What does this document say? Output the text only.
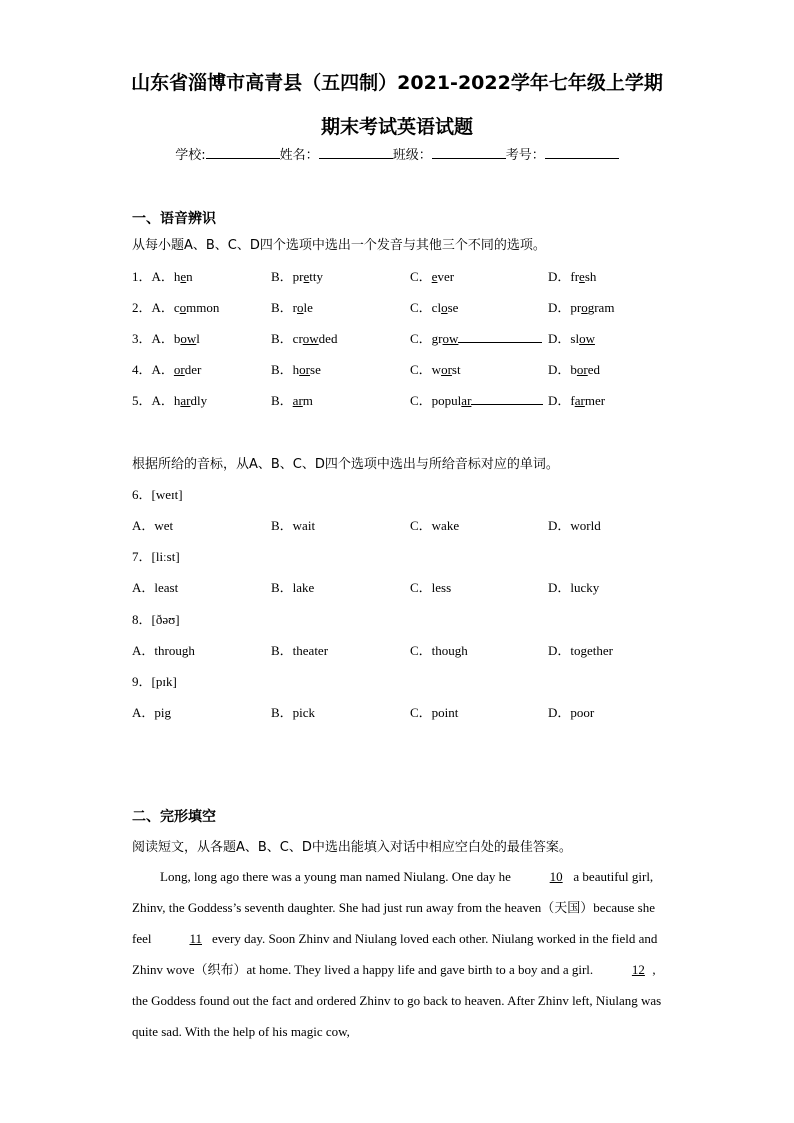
山东省淄博市高青县（五四制）2021-2022学年七年级上学期
期末考试英语试题
学校:	姓名：	班级：	考号：
一、语音辨识
从每小题A、B、C、D四个选项中选出一个发音与其他三个不同的选项。
1．A．hen	B．pretty	C．ever	D．fresh
2．A．common	B．role	C．close	D．program
3．A．bowl	B．crowded	C．grow	D．slow
4．A．order	B．horse	C．worst	D．bored
5．A．hardly	B．arm	C．popular	D．farmer
根据所给的音标，从A、B、C、D四个选项中选出与所给音标对应的单词。
6．[weɪt]
A．wet	B．wait	C．wake	D．world
7．[liːst]
A．least	B．lake	C．less	D．lucky
8．[ðəʊ]
A．through	B．theater	C．though	D．together
9．[pɪk]
A．pig	B．pick	C．point	D．poor
二、完形填空
阅读短文，从各题A、B、C、D中选出能填入对话中相应空白处的最佳答案。
Long, long ago there was a young man named Niulang. One day he	10 a beautiful girl, Zhinv, the Goddess’s seventh daughter. She had just run away from the heaven（天国）because she feel	11 every day. Soon Zhinv and Niulang loved each other. Niulang worked in the field and Zhinv wove（织布）at home. They lived a happy life and gave birth to a boy and a girl.	12 , the Goddess found out the fact and ordered Zhinv to go back to heaven. After Zhinv left, Niulang was quite sad. With the help of his magic cow,
